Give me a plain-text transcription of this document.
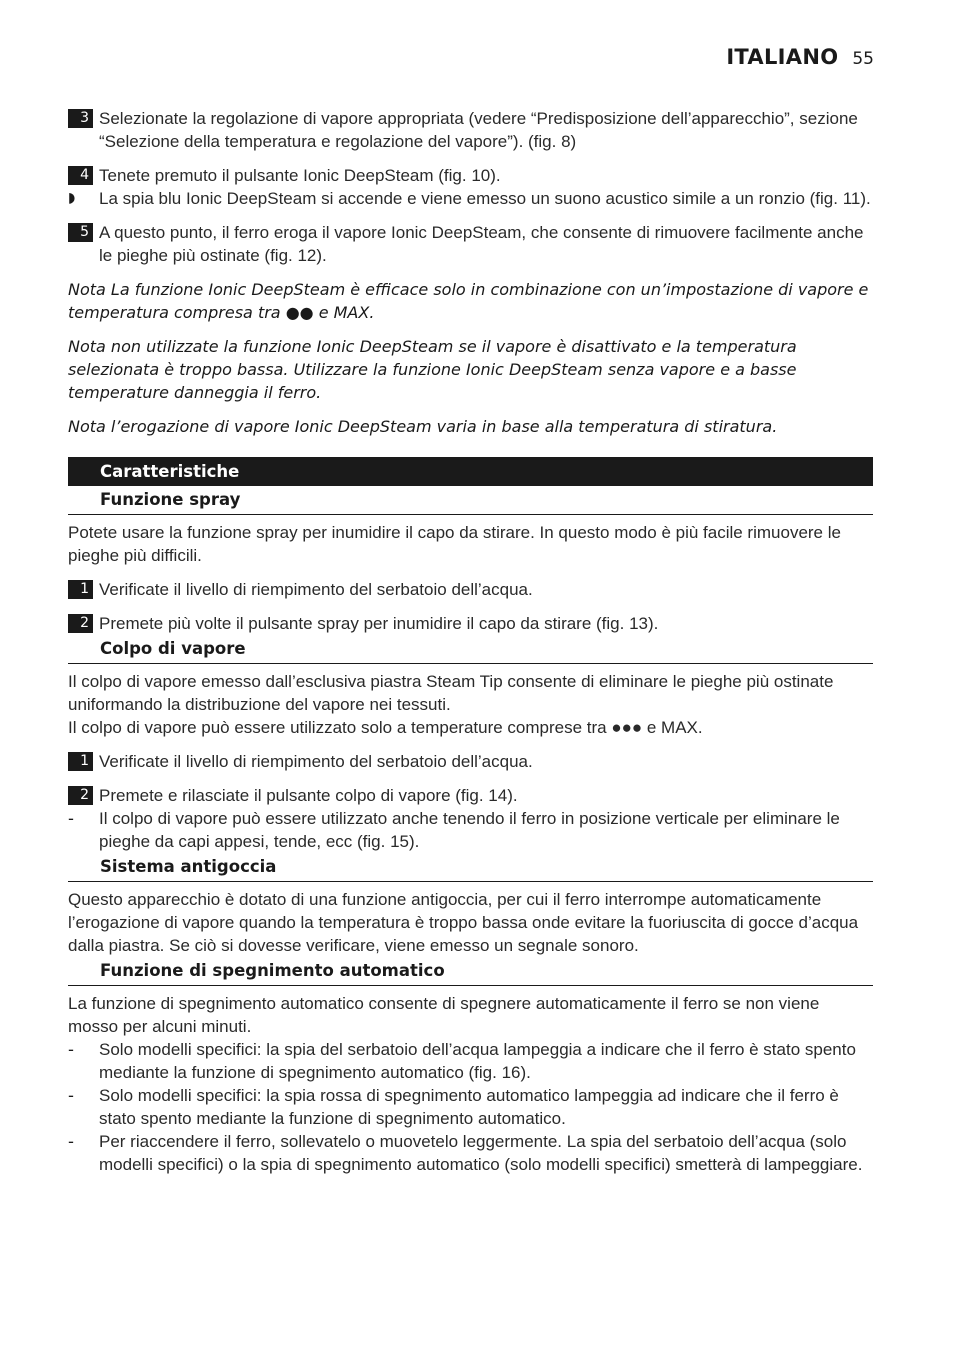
ITALIANO 55
3 Selezionate la regolazione di vapore appropriata (vedere “Predisposizione dell’apparecchio”, sezione “Selezione della temperatura e regolazione del vapore”). (fig. 8)
4 Tenete premuto il pulsante Ionic DeepSteam (fig. 10).
◗ La spia blu Ionic DeepSteam si accende e viene emesso un suono acustico simile a un ronzio (fig. 11).
5 A questo punto, il ferro eroga il vapore Ionic DeepSteam, che consente di rimuovere facilmente anche le pieghe più ostinate (fig. 12).
Nota La funzione Ionic DeepSteam è efficace solo in combinazione con un’impostazione di vapore e temperatura compresa tra ●● e MAX.
Nota non utilizzate la funzione Ionic DeepSteam se il vapore è disattivato e la temperatura selezionata è troppo bassa. Utilizzare la funzione Ionic DeepSteam senza vapore e a basse temperature danneggia il ferro.
Nota l’erogazione di vapore Ionic DeepSteam varia in base alla temperatura di stiratura.
Caratteristiche
Funzione spray
Potete usare la funzione spray per inumidire il capo da stirare. In questo modo è più facile rimuovere le pieghe più difficili.
1 Verificate il livello di riempimento del serbatoio dell’acqua.
2 Premete più volte il pulsante spray per inumidire il capo da stirare (fig. 13).
Colpo di vapore
Il colpo di vapore emesso dall’esclusiva piastra Steam Tip consente di eliminare le pieghe più ostinate uniformando la distribuzione del vapore nei tessuti.
Il colpo di vapore può essere utilizzato solo a temperature comprese tra ●●● e MAX.
1 Verificate il livello di riempimento del serbatoio dell’acqua.
2 Premete e rilasciate il pulsante colpo di vapore (fig. 14).
- Il colpo di vapore può essere utilizzato anche tenendo il ferro in posizione verticale per eliminare le pieghe da capi appesi, tende, ecc (fig. 15).
Sistema antigoccia
Questo apparecchio è dotato di una funzione antigoccia, per cui il ferro interrompe automaticamente l’erogazione di vapore quando la temperatura è troppo bassa onde evitare la fuoriuscita di gocce d’acqua dalla piastra. Se ciò si dovesse verificare, viene emesso un segnale sonoro.
Funzione di spegnimento automatico
La funzione di spegnimento automatico consente di spegnere automaticamente il ferro se non viene mosso per alcuni minuti.
- Solo modelli specifici: la spia del serbatoio dell’acqua lampeggia a indicare che il ferro è stato spento mediante la funzione di spegnimento automatico (fig. 16).
- Solo modelli specifici: la spia rossa di spegnimento automatico lampeggia ad indicare che il ferro è stato spento mediante la funzione di spegnimento automatico.
- Per riaccendere il ferro, sollevatelo o muovetelo leggermente. La spia del serbatoio dell’acqua (solo modelli specifici) o la spia di spegnimento automatico (solo modelli specifici) smetterà di lampeggiare.
